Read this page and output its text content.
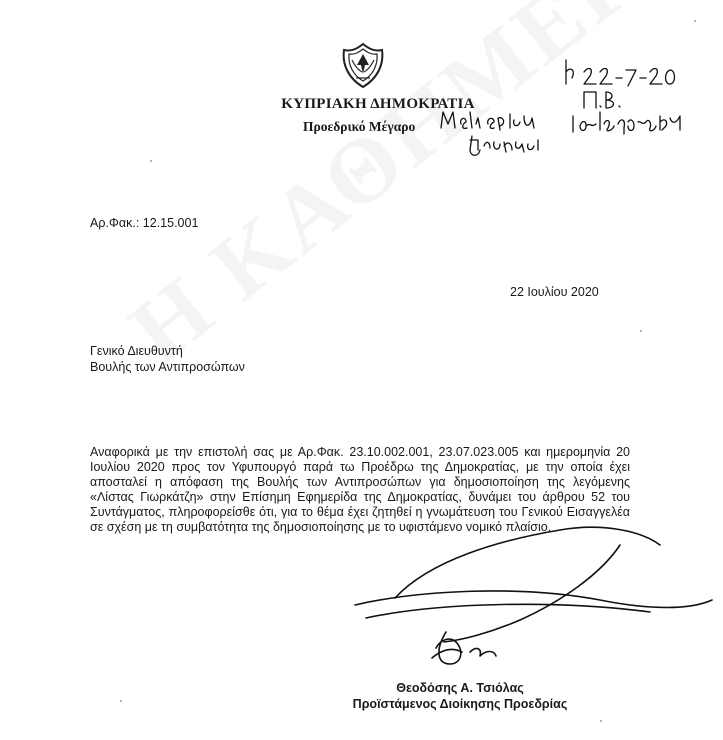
ΚΥΠΡΙΑΚΗ ΔΗΜΟΚΡΑΤΙΑ
Προεδρικό Μέγαρο
Αρ.Φακ.: 12.15.001
22 Ιουλίου 2020
Γενικό Διευθυντή
Βουλής των Αντιπροσώπων
Αναφορικά με την επιστολή σας με Αρ.Φακ. 23.10.002.001, 23.07.023.005 και ημερομηνία 20 Ιουλίου 2020 προς τον Υφυπουργό παρά τω Προέδρω της Δημοκρατίας, με την οποία έχει αποσταλεί η απόφαση της Βουλής των Αντιπροσώπων για δημοσιοποίηση της λεγόμενης «Λίστας Γιωρκάτζη» στην Επίσημη Εφημερίδα της Δημοκρατίας, δυνάμει του άρθρου 52 του Συντάγματος, πληροφορείσθε ότι, για το θέμα έχει ζητηθεί η γνωμάτευση του Γενικού Εισαγγελέα σε σχέση με τη συμβατότητα της δημοσιοποίησης με το υφιστάμενο νομικό πλαίσιο.
Θεοδόσης Α. Τσιόλας
Προϊστάμενος Διοίκησης Προεδρίας
